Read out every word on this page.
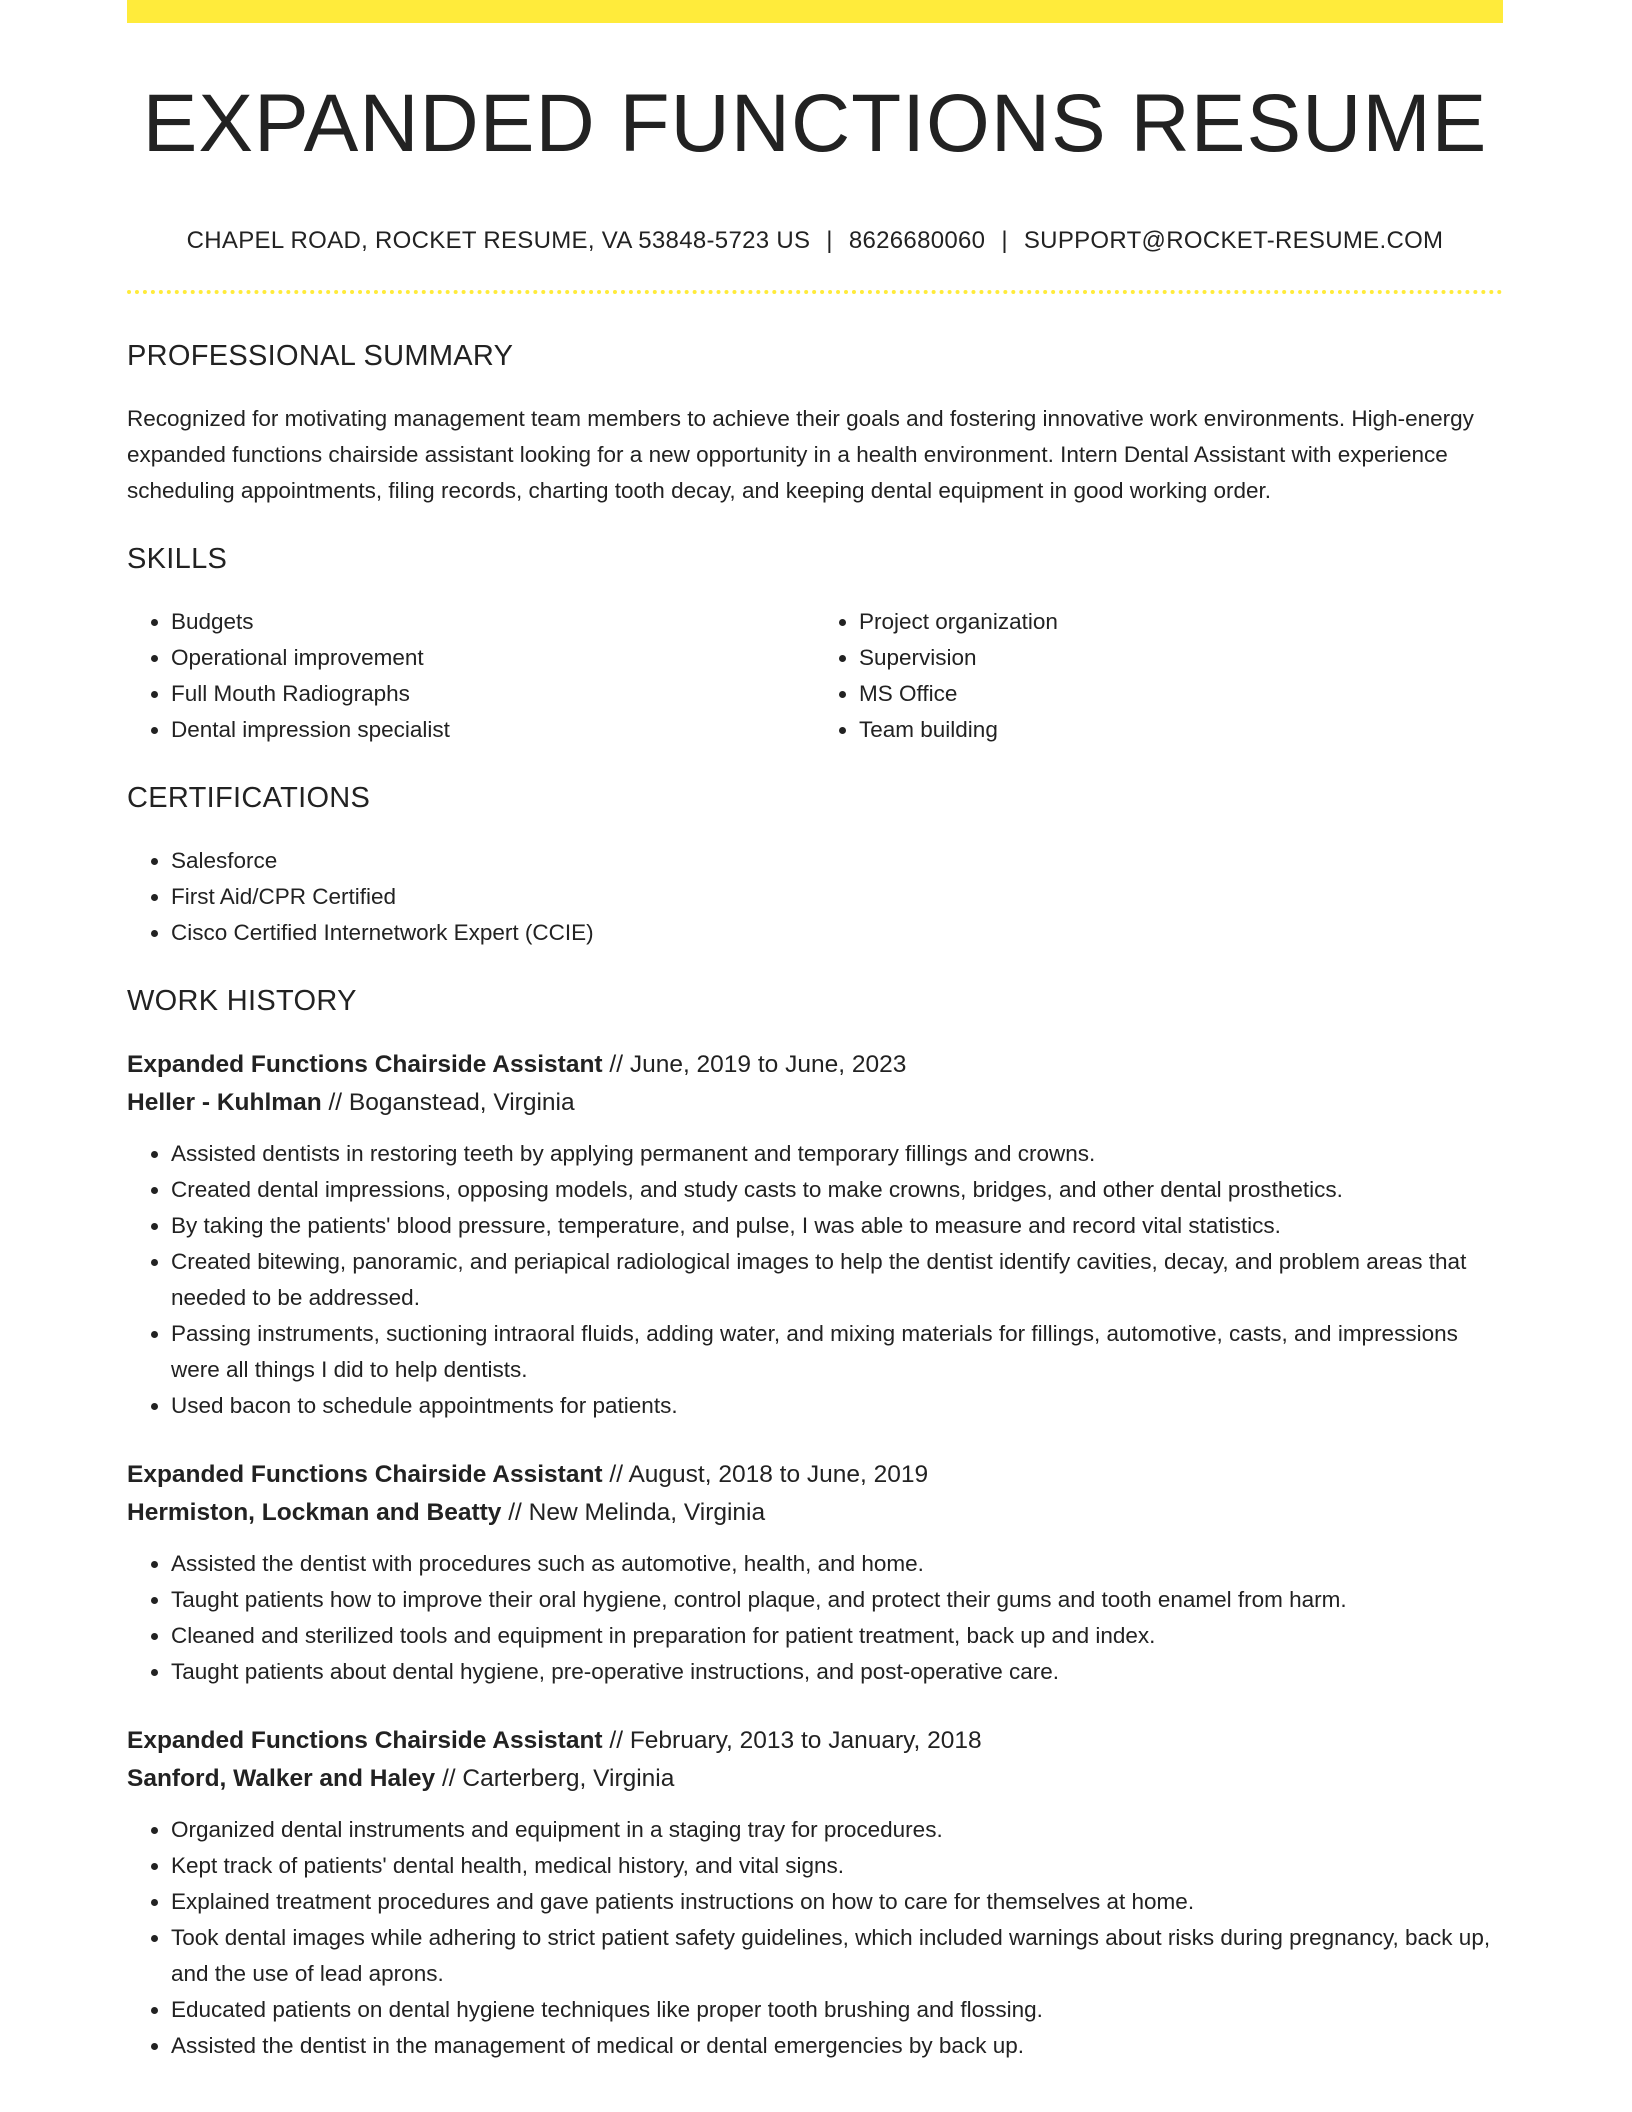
EXPANDED FUNCTIONS RESUME
CHAPEL ROAD, ROCKET RESUME, VA 53848-5723 US | 8626680060 | SUPPORT@ROCKET-RESUME.COM
PROFESSIONAL SUMMARY
Recognized for motivating management team members to achieve their goals and fostering innovative work environments. High-energy expanded functions chairside assistant looking for a new opportunity in a health environment. Intern Dental Assistant with experience scheduling appointments, filing records, charting tooth decay, and keeping dental equipment in good working order.
SKILLS
• Budgets
• Operational improvement
• Full Mouth Radiographs
• Dental impression specialist
• Project organization
• Supervision
• MS Office
• Team building
CERTIFICATIONS
• Salesforce
• First Aid/CPR Certified
• Cisco Certified Internetwork Expert (CCIE)
WORK HISTORY
Expanded Functions Chairside Assistant // June, 2019 to June, 2023
Heller - Kuhlman // Boganstead, Virginia
• Assisted dentists in restoring teeth by applying permanent and temporary fillings and crowns.
• Created dental impressions, opposing models, and study casts to make crowns, bridges, and other dental prosthetics.
• By taking the patients' blood pressure, temperature, and pulse, I was able to measure and record vital statistics.
• Created bitewing, panoramic, and periapical radiological images to help the dentist identify cavities, decay, and problem areas that needed to be addressed.
• Passing instruments, suctioning intraoral fluids, adding water, and mixing materials for fillings, automotive, casts, and impressions were all things I did to help dentists.
• Used bacon to schedule appointments for patients.
Expanded Functions Chairside Assistant // August, 2018 to June, 2019
Hermiston, Lockman and Beatty // New Melinda, Virginia
• Assisted the dentist with procedures such as automotive, health, and home.
• Taught patients how to improve their oral hygiene, control plaque, and protect their gums and tooth enamel from harm.
• Cleaned and sterilized tools and equipment in preparation for patient treatment, back up and index.
• Taught patients about dental hygiene, pre-operative instructions, and post-operative care.
Expanded Functions Chairside Assistant // February, 2013 to January, 2018
Sanford, Walker and Haley // Carterberg, Virginia
• Organized dental instruments and equipment in a staging tray for procedures.
• Kept track of patients' dental health, medical history, and vital signs.
• Explained treatment procedures and gave patients instructions on how to care for themselves at home.
• Took dental images while adhering to strict patient safety guidelines, which included warnings about risks during pregnancy, back up, and the use of lead aprons.
• Educated patients on dental hygiene techniques like proper tooth brushing and flossing.
• Assisted the dentist in the management of medical or dental emergencies by back up.
